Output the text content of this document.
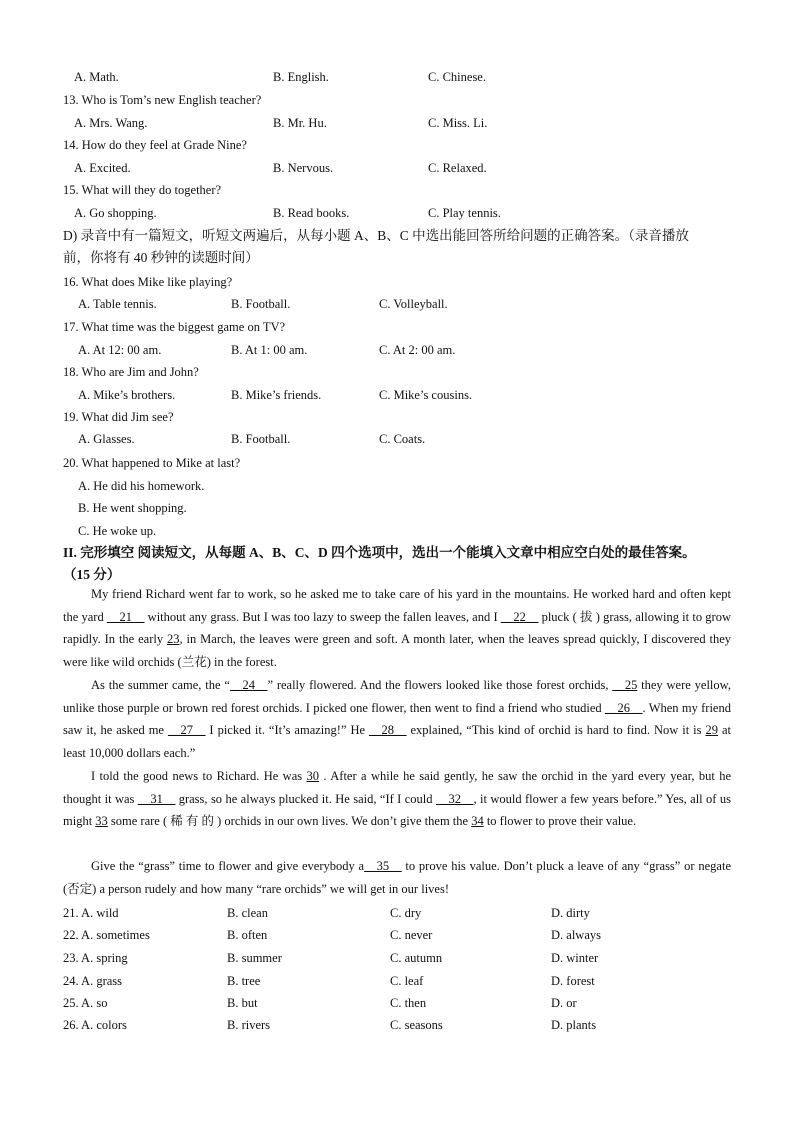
A. Math.	B. English.	C. Chinese.
13. Who is Tom’s new English teacher?
A. Mrs. Wang.	B. Mr. Hu.	C. Miss. Li.
14. How do they feel at Grade Nine?
A. Excited.	B. Nervous.	C. Relaxed.
15. What will they do together?
A. Go shopping.	B. Read books.	C. Play tennis.
D) 录音中有一篇短文，听短文两遍后，从每小题 A、B、C 中选出能回答所给问题的正确答案。（录音播放
前，你将有 40 秒钟的读题时间）
16. What does Mike like playing?
A. Table tennis.	B. Football.	C. Volleyball.
17. What time was the biggest game on TV?
A. At 12: 00 am.	B. At 1: 00 am.	C. At 2: 00 am.
18. Who are Jim and John?
A. Mike’s brothers.	B. Mike’s friends.	C. Mike’s cousins.
19. What did Jim see?
A. Glasses.	B. Football.	C. Coats.
20. What happened to Mike at last?
A. He did his homework.
B. He went shopping.
C. He woke up.
II. 完形填空 阅读短文，从每题 A、B、C、D 四个选项中，选出一个能填入文章中相应空白处的最佳答案。
（15 分）
My friend Richard went far to work, so he asked me to take care of his yard in the mountains. He worked hard and often kept the yard __21__ without any grass. But I was too lazy to sweep the fallen leaves, and I __22__ pluck ( 拔 ) grass, allowing it to grow rapidly. In the early 23, in March, the leaves were green and soft. A month later, when the leaves spread quickly, I discovered they were like wild orchids (兰花) in the forest.
As the summer came, the “__24__” really flowered. And the flowers looked like those forest orchids, __25 they were yellow, unlike those purple or brown red forest orchids. I picked one flower, then went to find a friend who studied __26__. When my friend saw it, he asked me __27__ I picked it. “It’s amazing!” He __28__ explained, “This kind of orchid is hard to find. Now it is 29 at least 10,000 dollars each.”
I told the good news to Richard. He was 30 . After a while he said gently, he saw the orchid in the yard every year, but he thought it was __31__ grass, so he always plucked it. He said, “If I could __32__, it would flower a few years before.” Yes, all of us might 33 some rare ( 稀 有 的 ) orchids in our own lives. We don’t give them the 34 to flower to prove their value.
Give the “grass” time to flower and give everybody a__35__ to prove his value. Don’t pluck a leave of any “grass” or negate (否定) a person rudely and how many “rare orchids” we will get in our lives!
21. A. wild	B. clean	C. dry	D. dirty
22. A. sometimes	B. often	C. never	D. always
23. A. spring	B. summer	C. autumn	D. winter
24. A. grass	B. tree	C. leaf	D. forest
25. A. so	B. but	C. then	D. or
26. A. colors	B. rivers	C. seasons	D. plants
